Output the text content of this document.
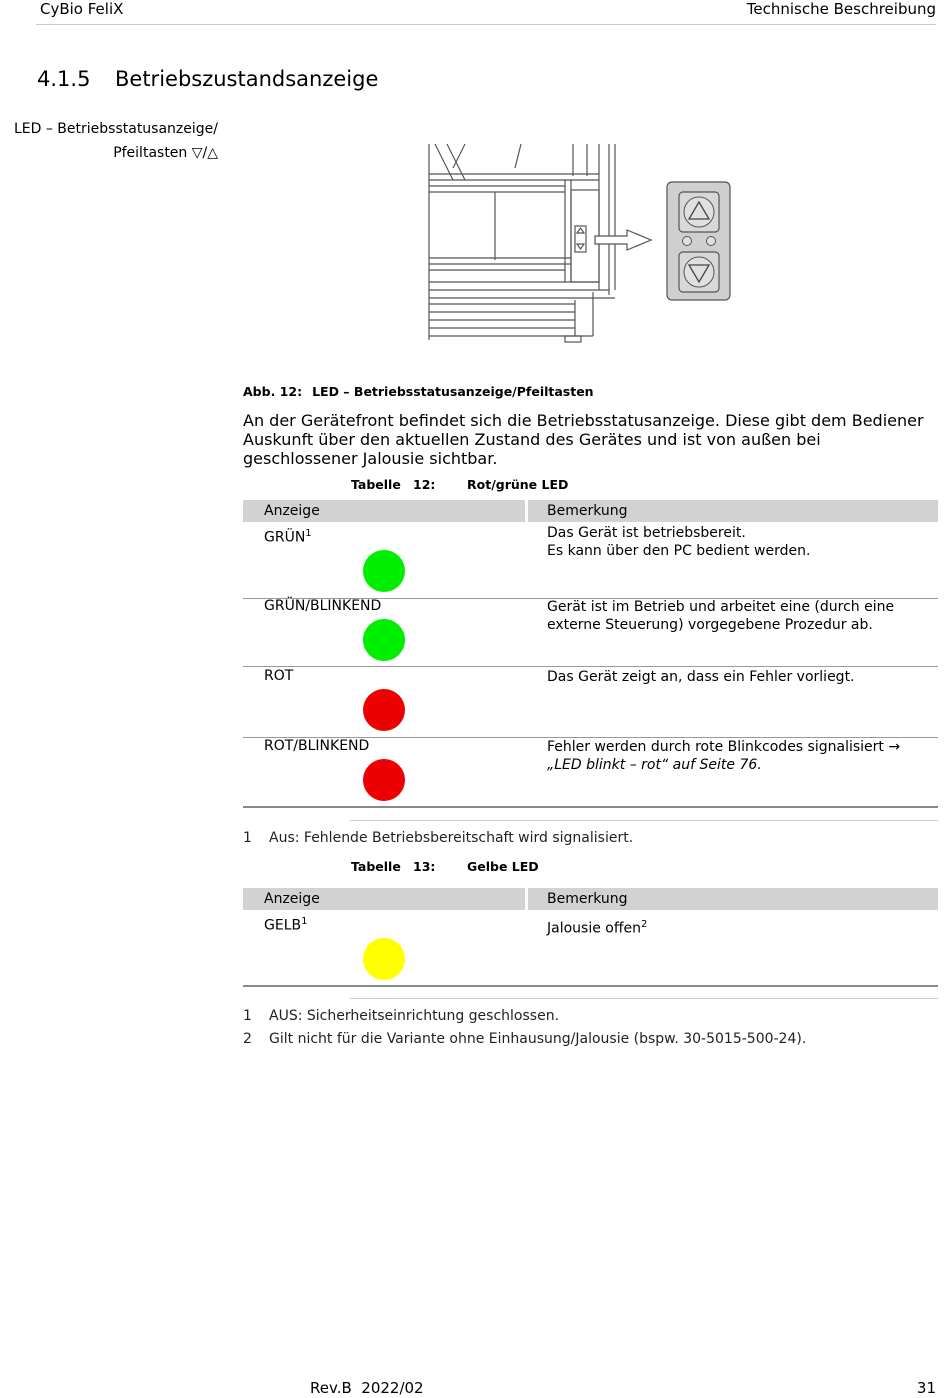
CyBio FeliX	Technische Beschreibung
4.1.5 Betriebszustandsanzeige
LED – Betriebsstatusanzeige/
Pfeiltasten ▽/△
Abb. 12: LED – Betriebsstatusanzeige/Pfeiltasten
An der Gerätefront befindet sich die Betriebsstatusanzeige. Diese gibt dem Bediener Auskunft über den aktuellen Zustand des Gerätes und ist von außen bei geschlossener Jalousie sichtbar.
Tabelle 12:	Rot/grüne LED
Anzeige	Bemerkung
GRÜN$^1$	Das Gerät ist betriebsbereit.
Es kann über den PC bedient werden.
GRÜN/BLINKEND	Gerät ist im Betrieb und arbeitet eine (durch eine
externe Steuerung) vorgegebene Prozedur ab.
ROT	Das Gerät zeigt an, dass ein Fehler vorliegt.
ROT/BLINKEND	Fehler werden durch rote Blinkcodes signalisiert →
„LED blinkt – rot“ auf Seite 76.
1 Aus: Fehlende Betriebsbereitschaft wird signalisiert.
Tabelle 13:	Gelbe LED
Anzeige	Bemerkung
GELB$^1$	Jalousie offen$^2$
1 AUS: Sicherheitseinrichtung geschlossen.
2 Gilt nicht für die Variante ohne Einhausung/Jalousie (bspw. 30-5015-500-24).
Rev.B  2022/02	31
